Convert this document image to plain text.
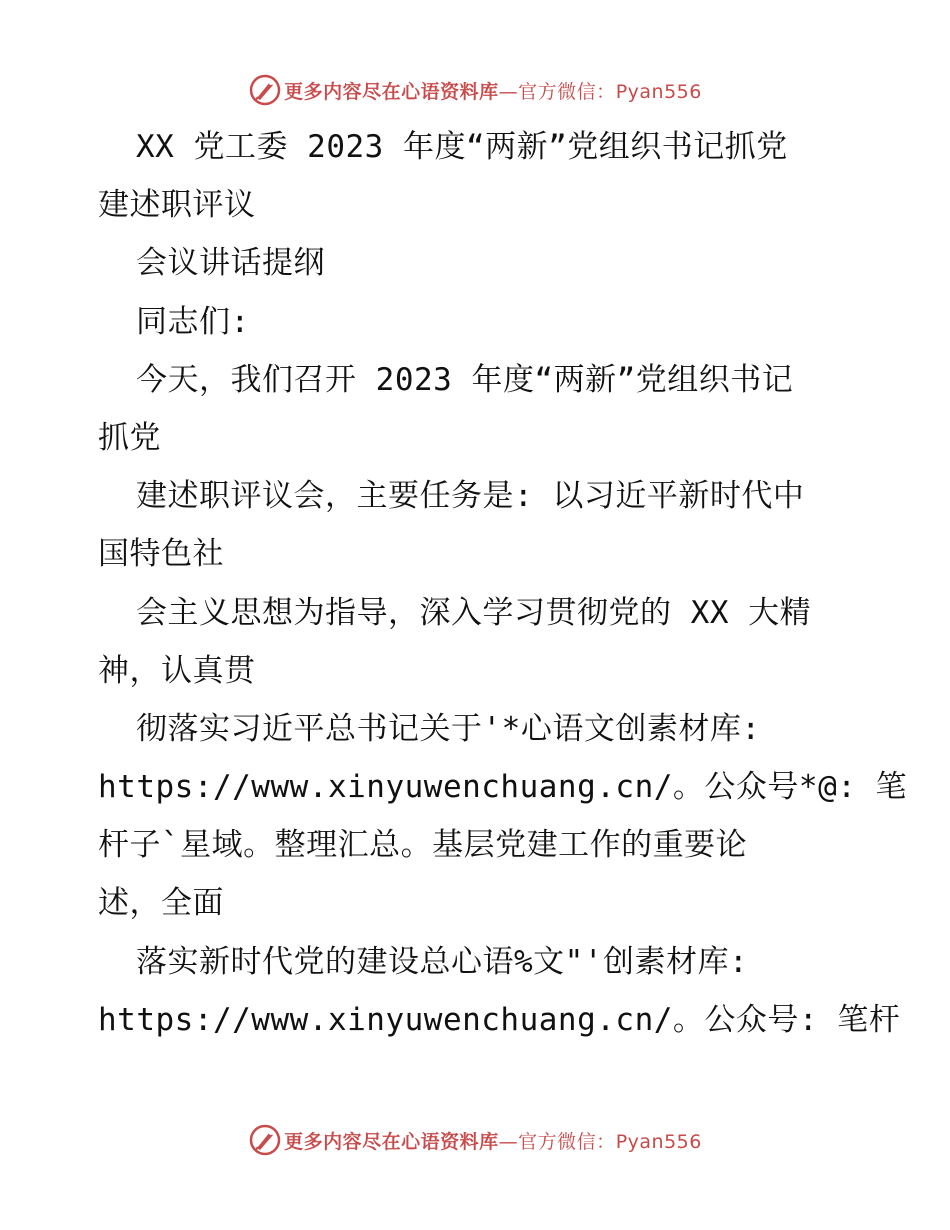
更多内容尽在心语资料库—官方微信：Pyan556
XX 党工委 2023 年度“两新”党组织书记抓党
建述职评议
会议讲话提纲
同志们:
今天，我们召开 2023 年度“两新”党组织书记
抓党
建述职评议会，主要任务是: 以习近平新时代中
国特色社
会主义思想为指导，深入学习贯彻党的 XX 大精
神，认真贯
彻落实习近平总书记关于'*心语文创素材库:
https://www.xinyuwenchuang.cn/。公众号*@: 笔
杆子`星域。整理汇总。基层党建工作的重要论
述，全面
落实新时代党的建设总心语%文"'创素材库:
https://www.xinyuwenchuang.cn/。公众号: 笔杆
更多内容尽在心语资料库—官方微信：Pyan556
